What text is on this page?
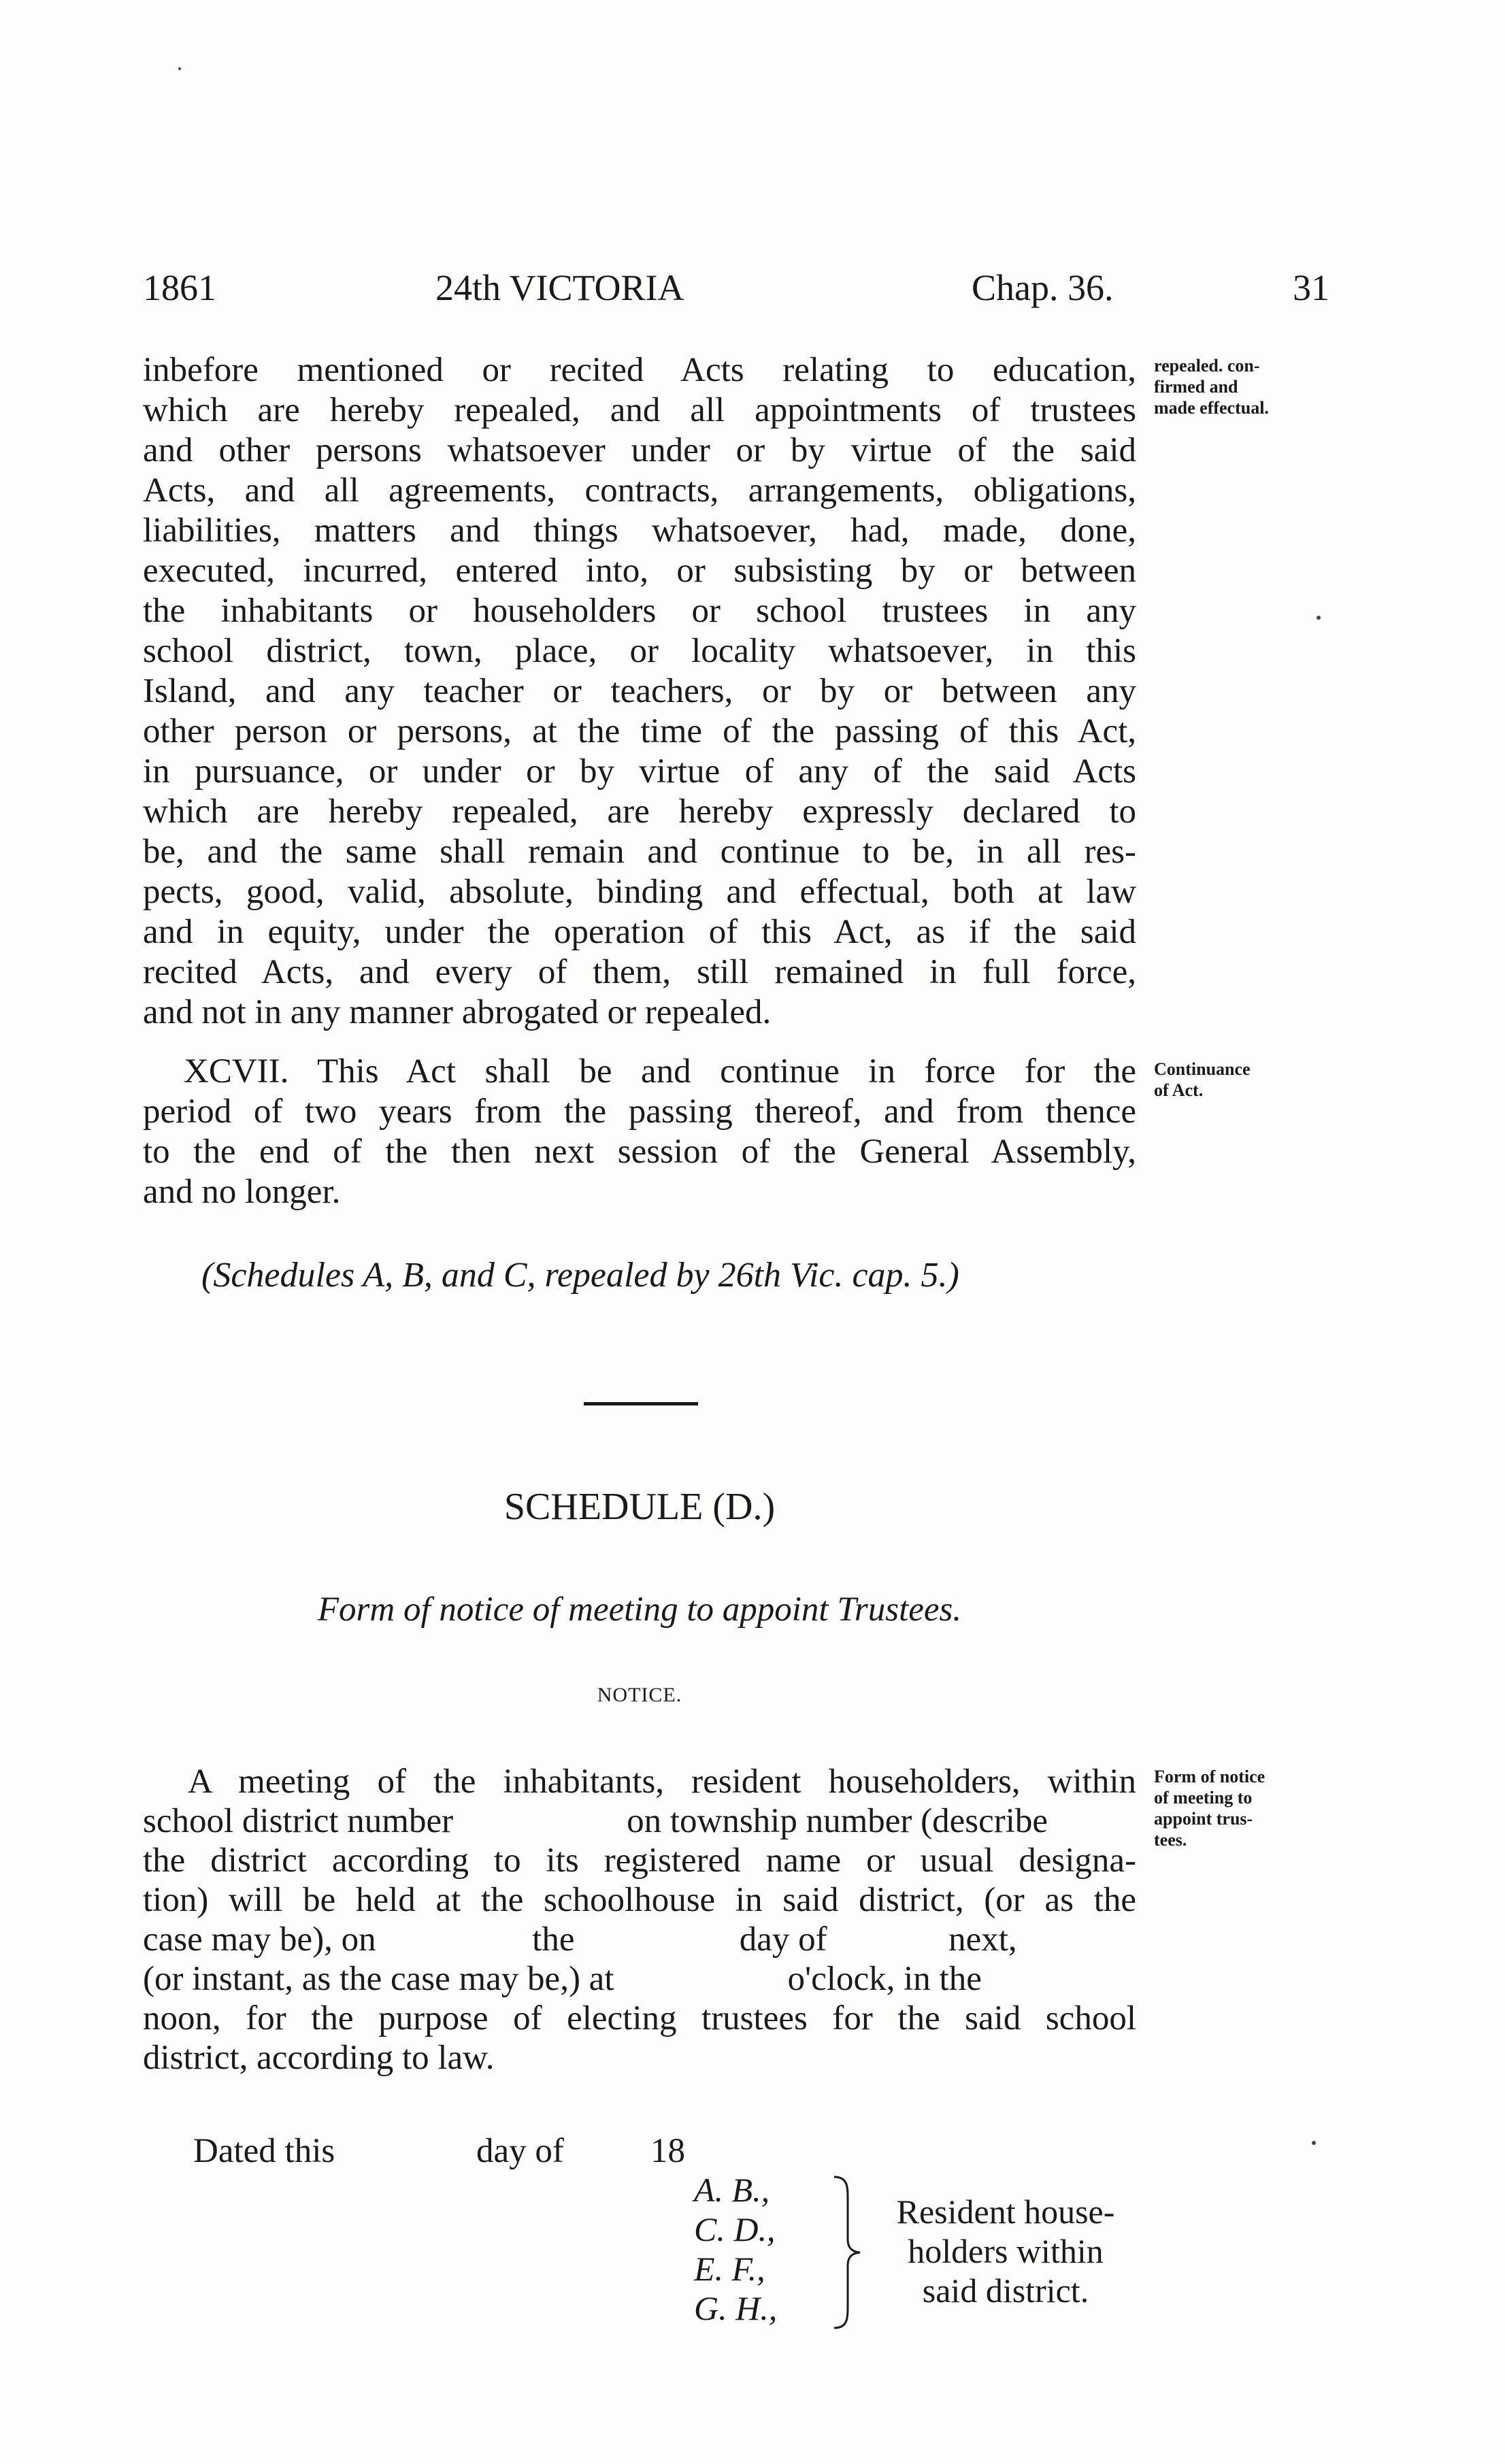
1861	24th VICTORIA	Chap. 36.	31
inbefore mentioned or recited Acts relating to education,
which are hereby repealed, and all appointments of trustees
and other persons whatsoever under or by virtue of the said
Acts, and all agreements, contracts, arrangements, obligations,
liabilities, matters and things whatsoever, had, made, done,
executed, incurred, entered into, or subsisting by or between
the inhabitants or householders or school trustees in any
school district, town, place, or locality whatsoever, in this
Island, and any teacher or teachers, or by or between any
other person or persons, at the time of the passing of this Act,
in pursuance, or under or by virtue of any of the said Acts
which are hereby repealed, are hereby expressly declared to
be, and the same shall remain and continue to be, in all res-
pects, good, valid, absolute, binding and effectual, both at law
and in equity, under the operation of this Act, as if the said
recited Acts, and every of them, still remained in full force,
and not in any manner abrogated or repealed.
repealed. con-
firmed and
made effectual.
XCVII. This Act shall be and continue in force for the
period of two years from the passing thereof, and from thence
to the end of the then next session of the General Assembly,
and no longer.
Continuance
of Act.
(Schedules A, B, and C, repealed by 26th Vic. cap. 5.)
SCHEDULE (D.)
Form of notice of meeting to appoint Trustees.
NOTICE.
A meeting of the inhabitants, resident householders, within
school district number                    on township number (describe
the district according to its registered name or usual designa-
tion) will be held at the schoolhouse in said district, (or as the
case may be), on                  the                   day of              next,
(or instant, as the case may be,) at                    o'clock, in the
noon, for the purpose of electing trustees for the said school
district, according to law.
Form of notice
of meeting to
appoint trus-
tees.
Dated this	day of 18
A. B.,
C. D.,
E. F.,
G. H.,
Resident house-
holders within
said district.
